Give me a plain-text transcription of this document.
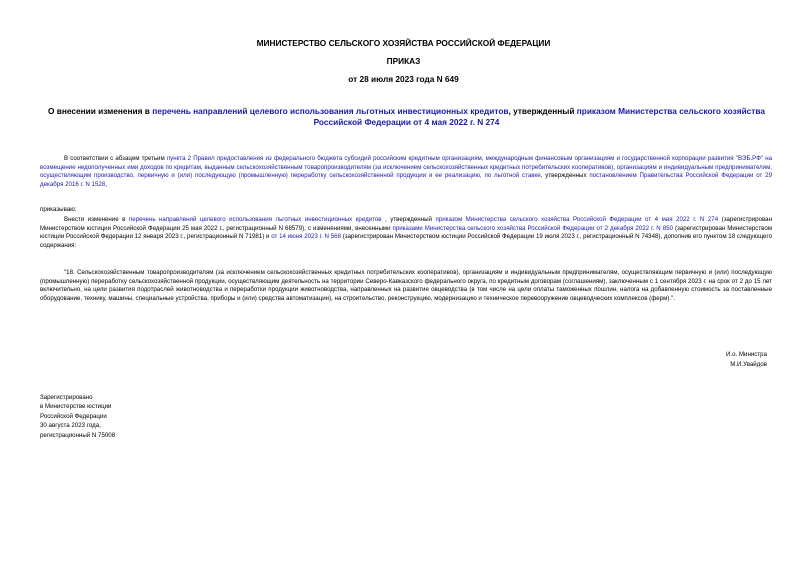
МИНИСТЕРСТВО СЕЛЬСКОГО ХОЗЯЙСТВА РОССИЙСКОЙ ФЕДЕРАЦИИ
ПРИКАЗ
от 28 июля 2023 года N 649
О внесении изменения в перечень направлений целевого использования льготных инвестиционных кредитов, утвержденный приказом Министерства сельского хозяйства Российской Федерации от 4 мая 2022 г. N 274
В соответствии с абзацем третьим пункта 2 Правил предоставления из федерального бюджета субсидий российским кредитным организациям, международным финансовым организациям и государственной корпорации развития "ВЭБ.РФ" на возмещение недополученных ими доходов по кредитам, выданным сельскохозяйственным товаропроизводителям (за исключением сельскохозяйственных кредитных потребительских кооперативов), организациям и индивидуальным предпринимателям, осуществляющим производство, первичную и (или) последующую (промышленную) переработку сельскохозяйственной продукции и ее реализацию, по льготной ставке, утвержденных постановлением Правительства Российской Федерации от 29 декабря 2016 г. N 1528,
приказываю:
Внести изменение в перечень направлений целевого использования льготных инвестиционных кредитов , утвержденный приказом Министерства сельского хозяйства Российской Федерации от 4 мая 2022 г. N 274 (зарегистрирован Министерством юстиции Российской Федерации 25 мая 2022 г., регистрационный N 68579), с изменениями, внесенными приказами Министерства сельского хозяйства Российской Федерации от 2 декабря 2022 г. N 850 (зарегистрирован Министерством юстиции Российской Федерации 12 января 2023 г., регистрационный N 71981) и от 14 июня 2023 г. N 568 (зарегистрирован Министерством юстиции Российской Федерации 19 июля 2023 г., регистрационный N 74348), дополнив его пунктом 18 следующего содержания:
"18. Сельскохозяйственным товаропроизводителям (за исключением сельскохозяйственных кредитных потребительских кооперативов), организациям и индивидуальным предпринимателям, осуществляющим первичную и (или) последующую (промышленную) переработку сельскохозяйственной продукции, осуществляющим деятельность на территории Северо-Кавказского федерального округа, по кредитным договорам (соглашениям), заключенным с 1 сентября 2023 г. на срок от 2 до 15 лет включительно, на цели развития подотраслей животноводства и переработки продукции животноводства, направленных на развитие овцеводства (в том числе на цели оплаты таможенных пошлин, налога на добавленную стоимость за поставленные оборудование, технику, машины, специальные устройства, приборы и (или) средства автоматизации), на строительство, реконструкцию, модернизацию и техническое перевооружение овцеводческих комплексов (ферм).".
И.о. Министра
М.И.Увайдов
Зарегистрировано
в Министерстве юстиции
Российской Федерации
30 августа 2023 года,
регистрационный N 75008
